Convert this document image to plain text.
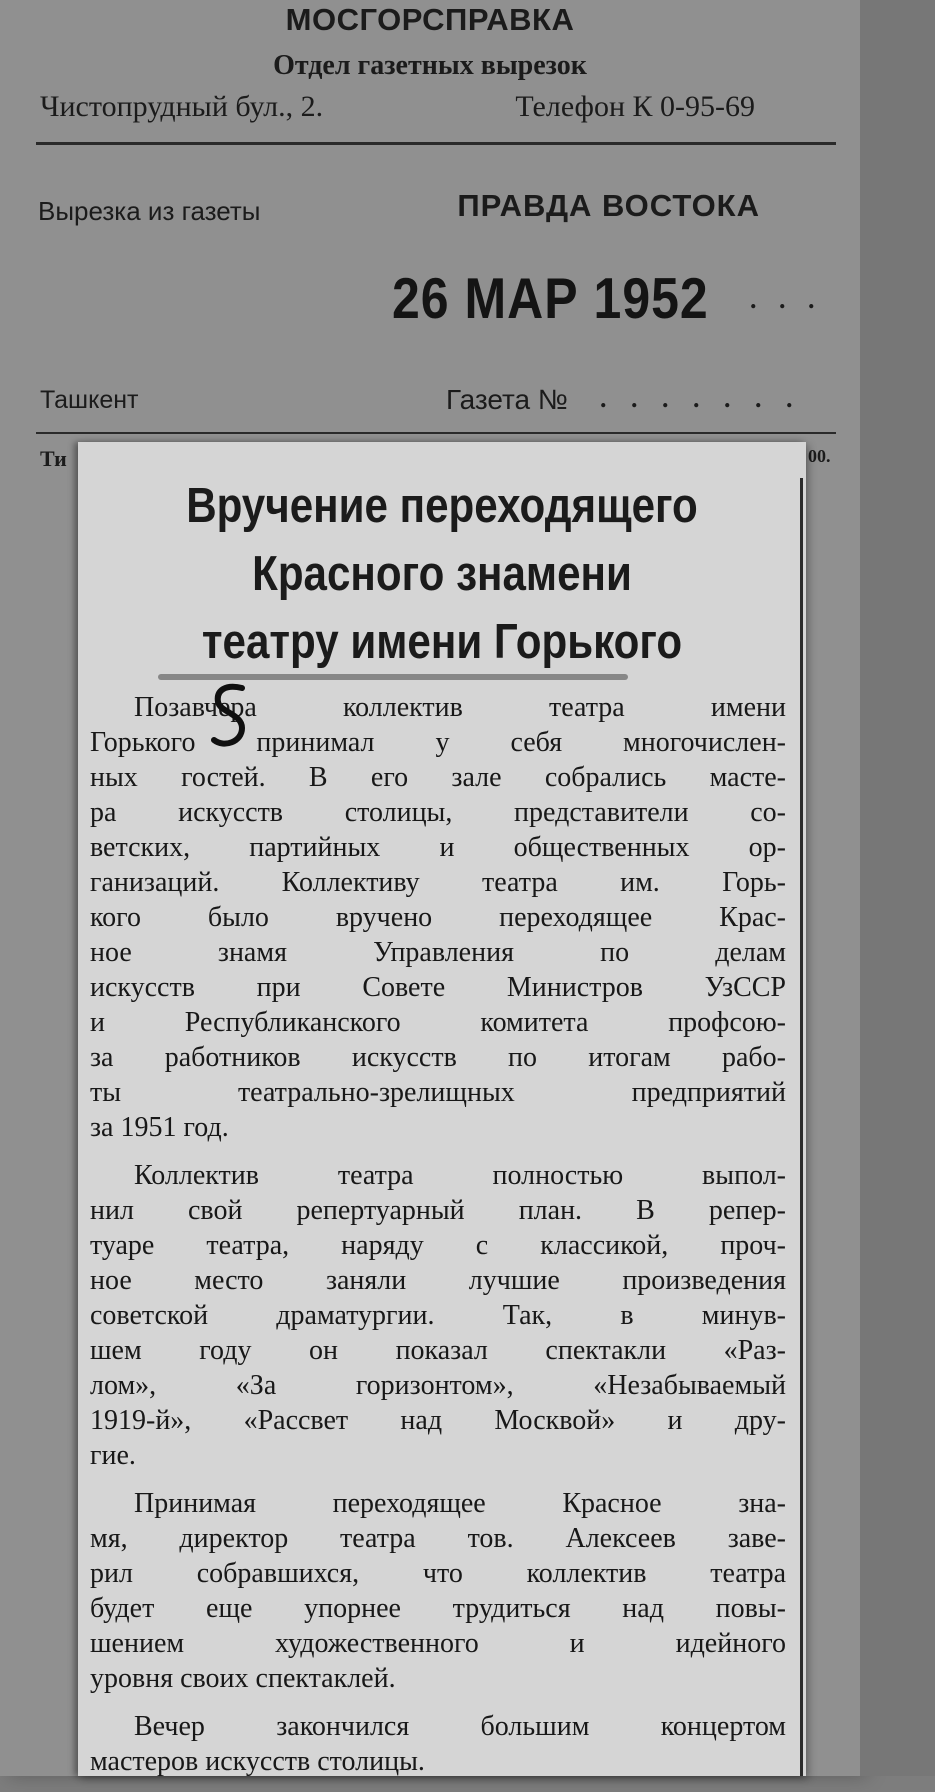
МОСГОРСПРАВКА
Отдел газетных вырезок
Чистопрудный бул., 2.	Телефон К 0-95-69
Вырезка из газеты	ПРАВДА ВОСТОКА
26 МАР 1952 . . .
Ташкент	Газета № . . . . . . .
Ти	00.
Вручение переходящего
Красного знамени
театру имени Горького
Позавчера коллектив театра имени
Горького принимал у себя многочислен-
ных гостей. В его зале собрались масте-
ра искусств столицы, представители со-
ветских, партийных и общественных ор-
ганизаций. Коллективу театра им. Горь-
кого было вручено переходящее Крас-
ное знамя Управления по делам
искусств при Совете Министров УзССР
и Республиканского комитета профсою-
за работников искусств по итогам рабо-
ты театрально-зрелищных предприятий
за 1951 год.
Коллектив театра полностью выпол-
нил свой репертуарный план. В репер-
туаре театра, наряду с классикой, проч-
ное место заняли лучшие произведения
советской драматургии. Так, в минув-
шем году он показал спектакли «Раз-
лом», «За горизонтом», «Незабываемый
1919-й», «Рассвет над Москвой» и дру-
гие.
Принимая переходящее Красное зна-
мя, директор театра тов. Алексеев заве-
рил собравшихся, что коллектив театра
будет еще упорнее трудиться над повы-
шением художественного и идейного
уровня своих спектаклей.
Вечер закончился большим концертом
мастеров искусств столицы.
